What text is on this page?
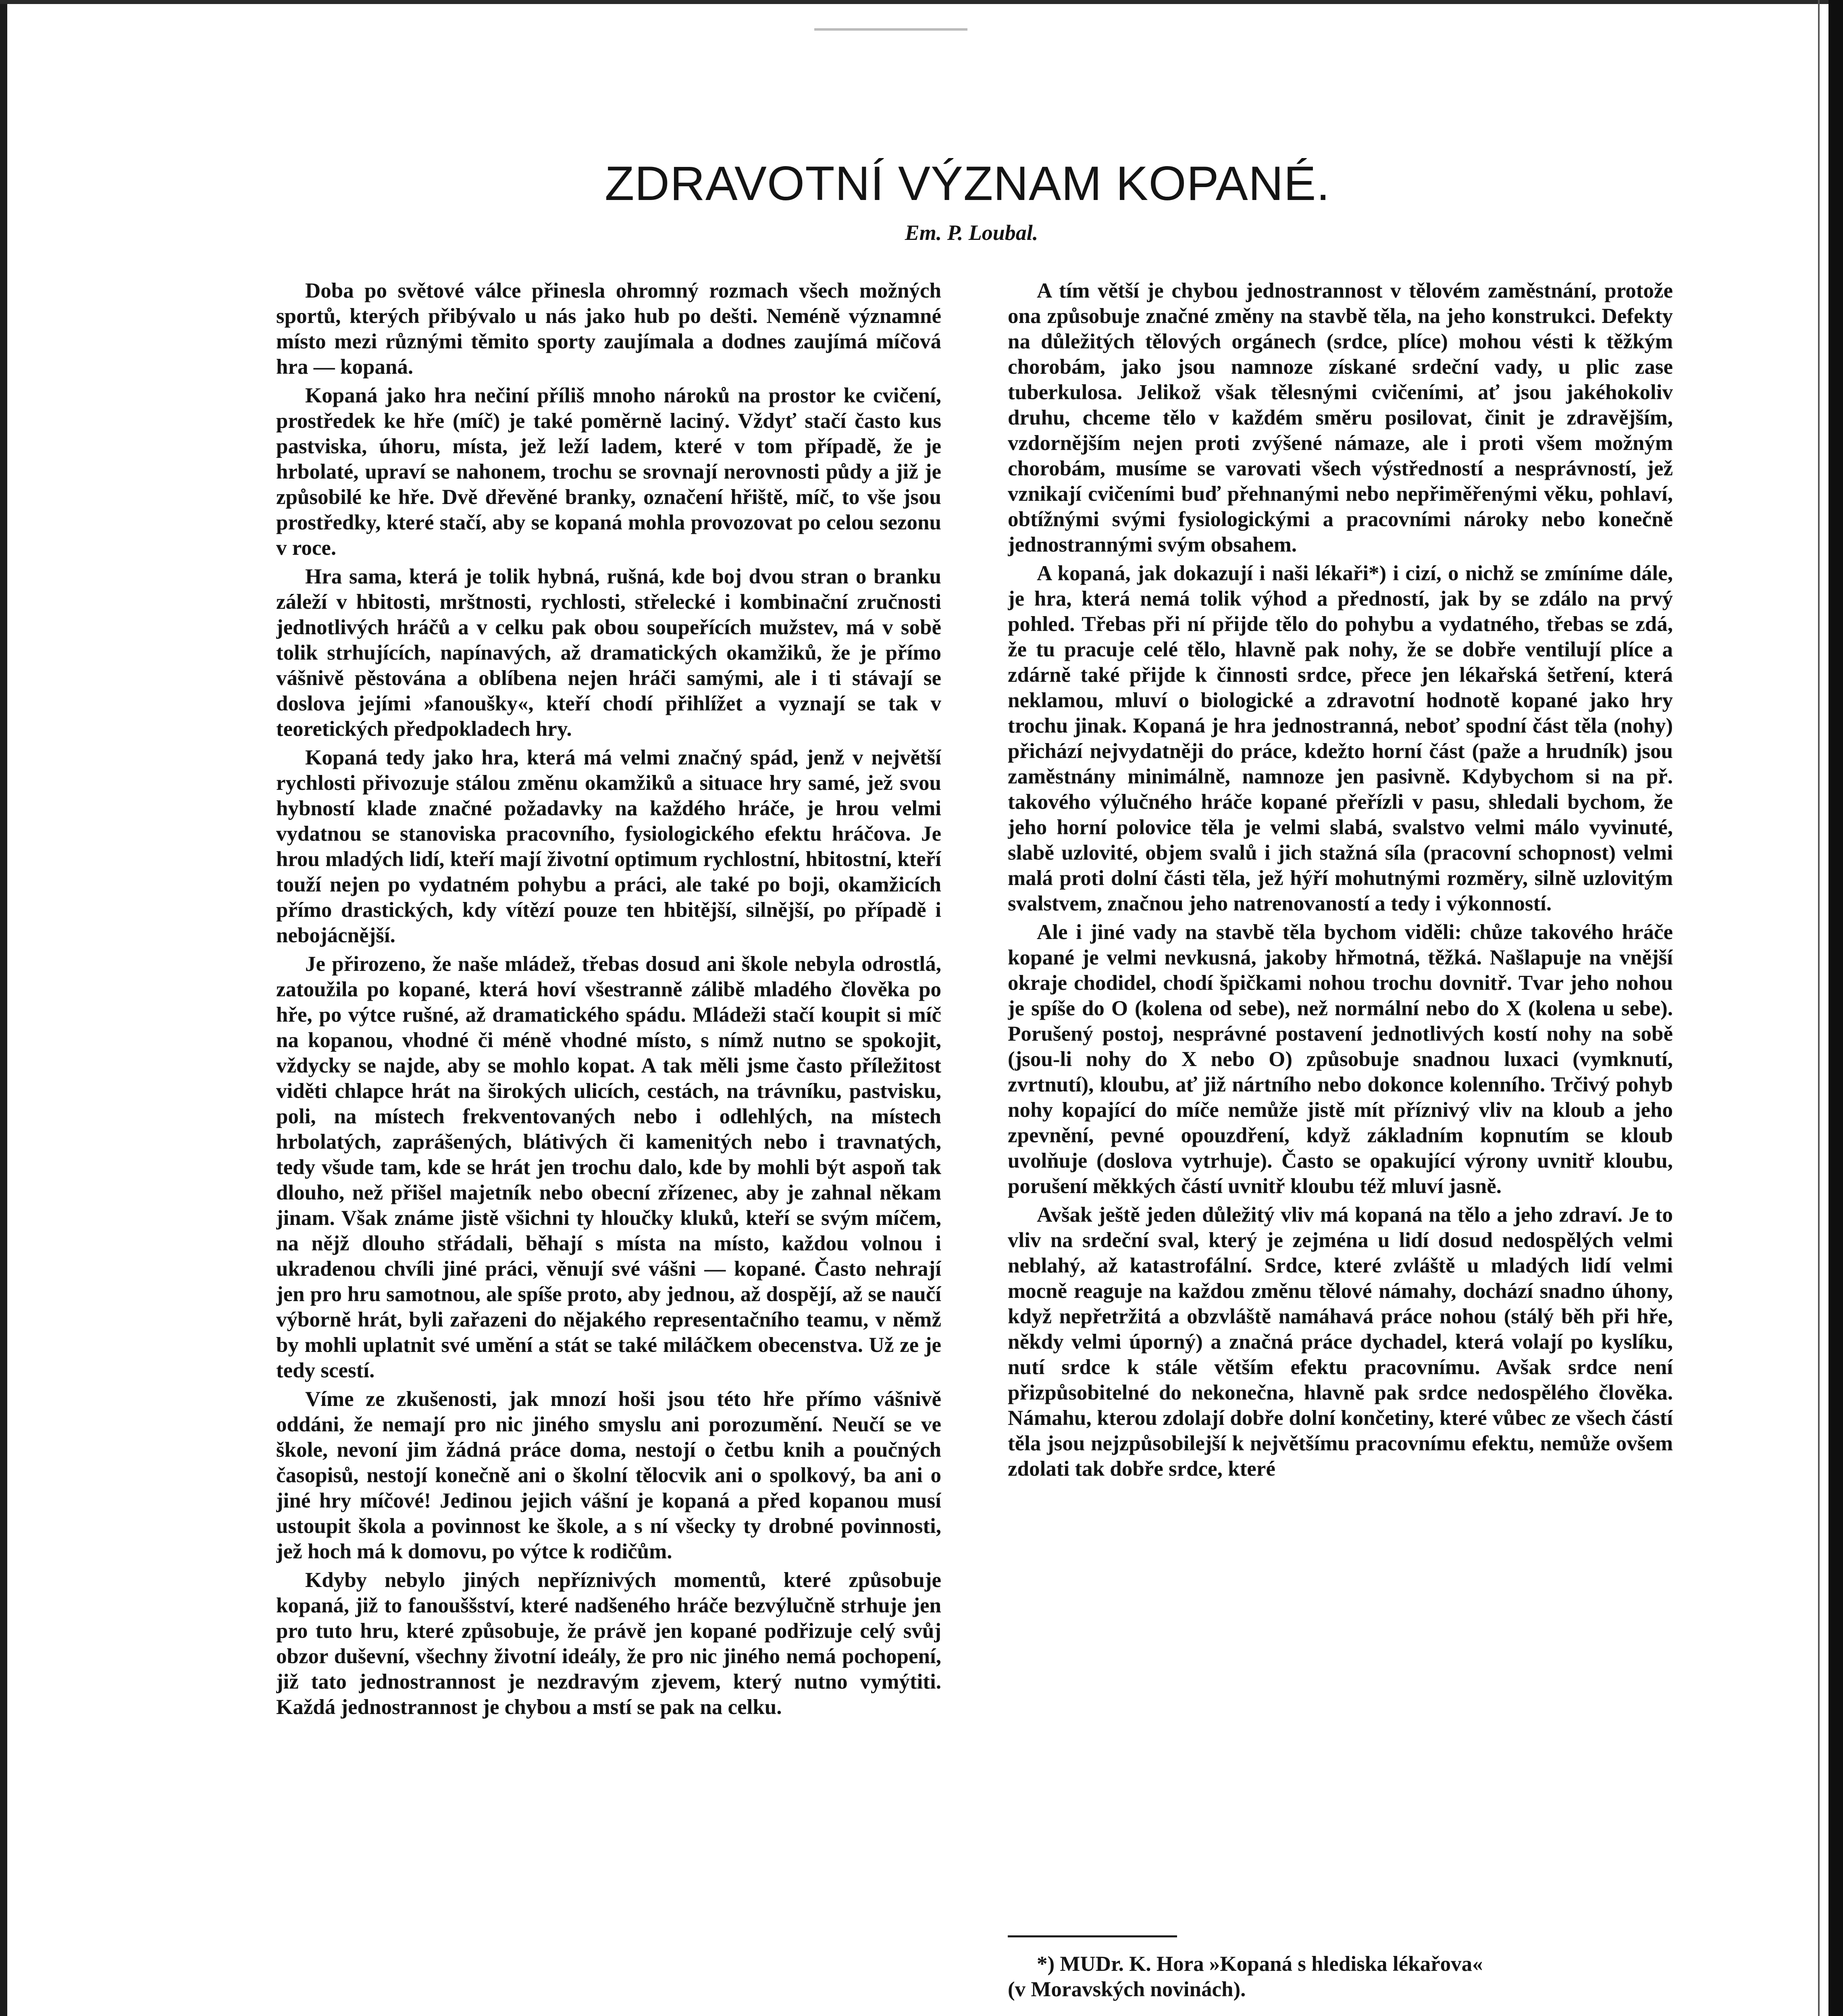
ZDRAVOTNÍ VÝZNAM KOPANÉ.
Em. P. Loubal.

Doba po světové válce přinesla ohromný rozmach všech možných sportů, kterých přibývalo u nás jako hub po dešti. Neméně významné místo mezi různými těmito sporty zaujímala a dodnes zaujímá míčová hra — kopaná.

Kopaná jako hra nečiní příliš mnoho nároků na prostor ke cvičení, prostředek ke hře (míč) je také poměrně laciný. Vždyť stačí často kus pastviska, úhoru, místa, jež leží ladem, které v tom případě, že je hrbolaté, upraví se nahonem, trochu se srovnají nerovnosti půdy a již je způsobilé ke hře. Dvě dřevěné branky, označení hřiště, míč, to vše jsou prostředky, které stačí, aby se kopaná mohla provozovat po celou sezonu v roce.

Hra sama, která je tolik hybná, rušná, kde boj dvou stran o branku záleží v hbitosti, mrštnosti, rychlosti, střelecké i kombinační zručnosti jednotlivých hráčů a v celku pak obou soupeřících mužstev, má v sobě tolik strhujících, napínavých, až dramatických okamžiků, že je přímo vášnivě pěstována a oblíbena nejen hráči samými, ale i ti stávají se doslova jejími »fanoušky«, kteří chodí přihlížet a vyznají se tak v teoretických předpokladech hry.

Kopaná tedy jako hra, která má velmi značný spád, jenž v největší rychlosti přivozuje stálou změnu okamžiků a situace hry samé, jež svou hybností klade značné požadavky na každého hráče, je hrou velmi vydatnou se stanoviska pracovního, fysiologického efektu hráčova. Je hrou mladých lidí, kteří mají životní optimum rychlostní, hbitostní, kteří touží nejen po vydatném pohybu a práci, ale také po boji, okamžicích přímo drastických, kdy vítězí pouze ten hbitější, silnější, po případě i nebojácnější.

Je přirozeno, že naše mládež, třebas dosud ani škole nebyla odrostlá, zatoužila po kopané, která hoví všestranně zálibě mladého člověka po hře, po výtce rušné, až dramatického spádu. Mládeži stačí koupit si míč na kopanou, vhodné či méně vhodné místo, s nímž nutno se spokojit, vždycky se najde, aby se mohlo kopat. A tak měli jsme často příležitost viděti chlapce hrát na širokých ulicích, cestách, na trávníku, pastvisku, poli, na místech frekventovaných nebo i odlehlých, na místech hrbolatých, zaprášených, blátivých či kamenitých nebo i travnatých, tedy všude tam, kde se hrát jen trochu dalo, kde by mohli být aspoň tak dlouho, než přišel majetník nebo obecní zřízenec, aby je zahnal někam jinam. Však známe jistě všichni ty hloučky kluků, kteří se svým míčem, na nějž dlouho střádali, běhají s místa na místo, každou volnou i ukradenou chvíli jiné práci, věnují své vášni — kopané. Často nehrají jen pro hru samotnou, ale spíše proto, aby jednou, až dospějí, až se naučí výborně hrát, byli zařazeni do nějakého representačního teamu, v němž by mohli uplatnit své umění a stát se také miláčkem obecenstva. Už ze je tedy scestí.

Víme ze zkušenosti, jak mnozí hoši jsou této hře přímo vášnivě oddáni, že nemají pro nic jiného smyslu ani porozumění. Neučí se ve škole, nevoní jim žádná práce doma, nestojí o četbu knih a poučných časopisů, nestojí konečně ani o školní tělocvik ani o spolkový, ba ani o jiné hry míčové! Jedinou jejich vášní je kopaná a před kopanou musí ustoupit škola a povinnost ke škole, a s ní všecky ty drobné povinnosti, jež hoch má k domovu, po výtce k rodičům.

Kdyby nebylo jiných nepříznivých momentů, které způsobuje kopaná, již to fanouššství, které nadšeného hráče bezvýlučně strhuje jen pro tuto hru, které způsobuje, že právě jen kopané podřizuje celý svůj obzor duševní, všechny životní ideály, že pro nic jiného nemá pochopení, již tato jednostrannost je nezdravým zjevem, který nutno vymýtiti. Každá jednostrannost je chybou a mstí se pak na celku.

A tím větší je chybou jednostrannost v tělovém zaměstnání, protože ona způsobuje značné změny na stavbě těla, na jeho konstrukci. Defekty na důležitých tělových orgánech (srdce, plíce) mohou vésti k těžkým chorobám, jako jsou namnoze získané srdeční vady, u plic zase tuberkulosa. Jelikož však tělesnými cvičeními, ať jsou jakéhokoliv druhu, chceme tělo v každém směru posilovat, činit je zdravějším, vzdornějším nejen proti zvýšené námaze, ale i proti všem možným chorobám, musíme se varovati všech výstředností a nesprávností, jež vznikají cvičeními buď přehnanými nebo nepřiměřenými věku, pohlaví, obtížnými svými fysiologickými a pracovními nároky nebo konečně jednostrannými svým obsahem.

A kopaná, jak dokazují i naši lékaři*) i cizí, o nichž se zmíníme dále, je hra, která nemá tolik výhod a předností, jak by se zdálo na prvý pohled. Třebas při ní přijde tělo do pohybu a vydatného, třebas se zdá, že tu pracuje celé tělo, hlavně pak nohy, že se dobře ventilují plíce a zdárně také přijde k činnosti srdce, přece jen lékařská šetření, která neklamou, mluví o biologické a zdravotní hodnotě kopané jako hry trochu jinak. Kopaná je hra jednostranná, neboť spodní část těla (nohy) přichází nejvydatněji do práce, kdežto horní část (paže a hrudník) jsou zaměstnány minimálně, namnoze jen pasivně. Kdybychom si na př. takového výlučného hráče kopané přeřízli v pasu, shledali bychom, že jeho horní polovice těla je velmi slabá, svalstvo velmi málo vyvinuté, slabě uzlovité, objem svalů i jich stažná síla (pracovní schopnost) velmi malá proti dolní části těla, jež hýří mohutnými rozměry, silně uzlovitým svalstvem, značnou jeho natrenovaností a tedy i výkonností.

Ale i jiné vady na stavbě těla bychom viděli: chůze takového hráče kopané je velmi nevkusná, jakoby hřmotná, těžká. Našlapuje na vnější okraje chodidel, chodí špičkami nohou trochu dovnitř. Tvar jeho nohou je spíše do O (kolena od sebe), než normální nebo do X (kolena u sebe). Porušený postoj, nesprávné postavení jednotlivých kostí nohy na sobě (jsou-li nohy do X nebo O) způsobuje snadnou luxaci (vymknutí, zvrtnutí), kloubu, ať již nártního nebo dokonce kolenního. Trčivý pohyb nohy kopající do míče nemůže jistě mít příznivý vliv na kloub a jeho zpevnění, pevné opouzdření, když základním kopnutím se kloub uvolňuje (doslova vytrhuje). Často se opakující výrony uvnitř kloubu, porušení měkkých částí uvnitř kloubu též mluví jasně.

Avšak ještě jeden důležitý vliv má kopaná na tělo a jeho zdraví. Je to vliv na srdeční sval, který je zejména u lidí dosud nedospělých velmi neblahý, až katastrofální. Srdce, které zvláště u mladých lidí velmi mocně reaguje na každou změnu tělové námahy, dochází snadno úhony, když nepřetržitá a obzvláště namáhavá práce nohou (stálý běh při hře, někdy velmi úporný) a značná práce dychadel, která volají po kyslíku, nutí srdce k stále větším efektu pracovnímu. Avšak srdce není přizpůsobitelné do nekonečna, hlavně pak srdce nedospělého člověka. Námahu, kterou zdolají dobře dolní končetiny, které vůbec ze všech částí těla jsou nejzpůsobilejší k největšímu pracovnímu efektu, nemůže ovšem zdolati tak dobře srdce, které

*) MUDr. K. Hora »Kopaná s hlediska lékařova«
(v Moravských novinách).
